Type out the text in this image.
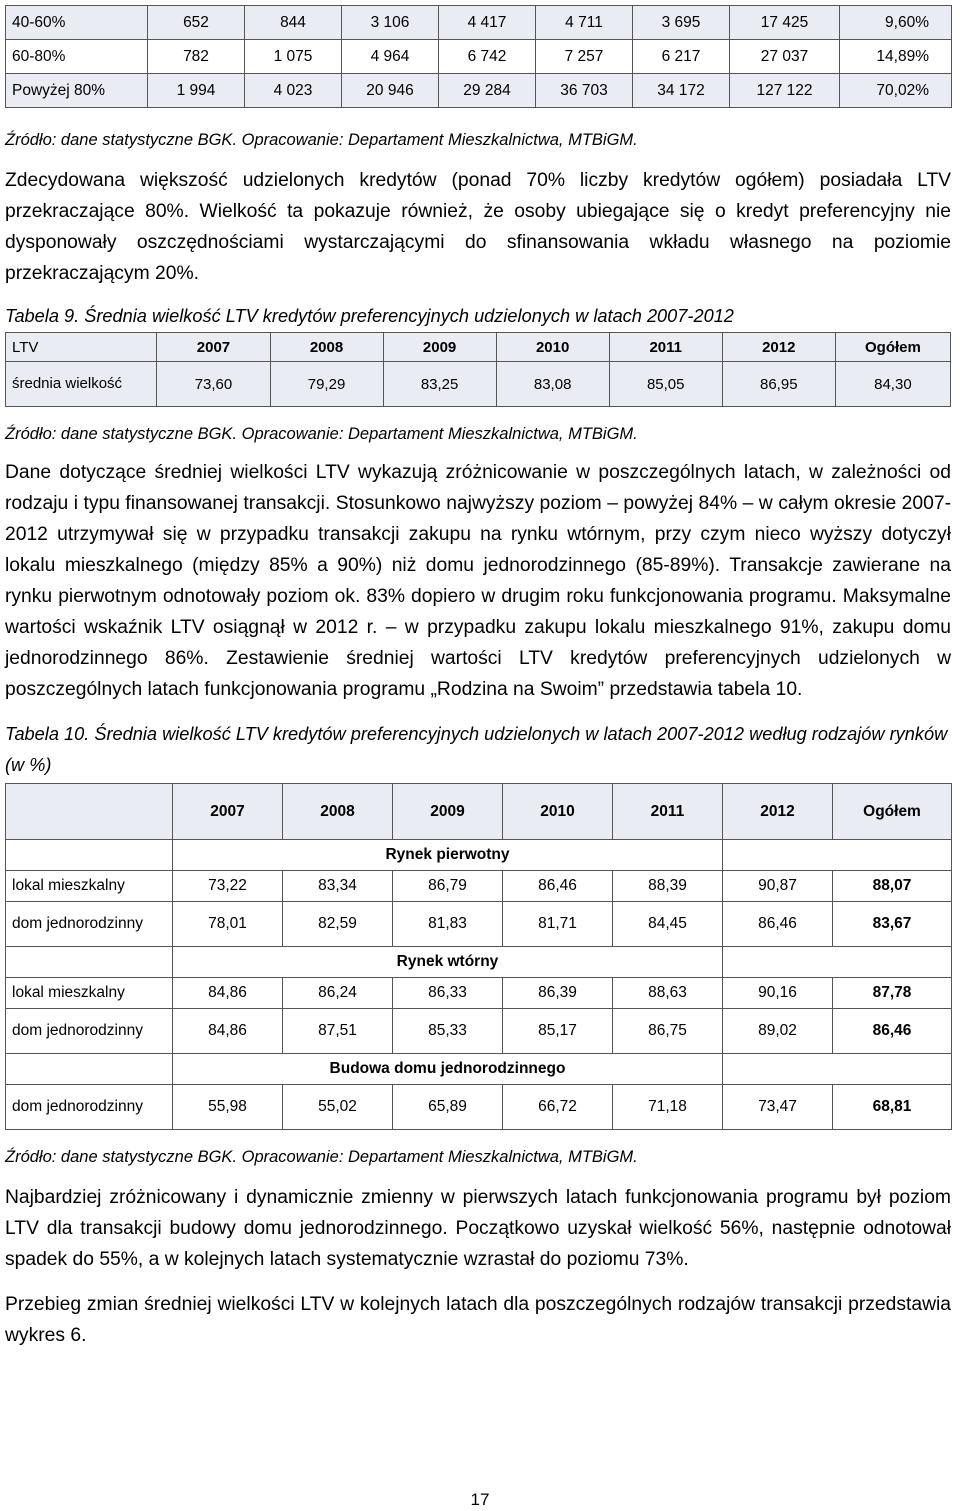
40-60%	652	844	3 106	4 417	4 711	3 695	17 425	9,60%
60-80%	782	1 075	4 964	6 742	7 257	6 217	27 037	14,89%
Powyżej 80%	1 994	4 023	20 946	29 284	36 703	34 172	127 122	70,02%

Źródło: dane statystyczne BGK. Opracowanie: Departament Mieszkalnictwa, MTBiGM.

Zdecydowana większość udzielonych kredytów (ponad 70% liczby kredytów ogółem) posiadała LTV przekraczające 80%. Wielkość ta pokazuje również, że osoby ubiegające się o kredyt preferencyjny nie dysponowały oszczędnościami wystarczającymi do sfinansowania wkładu własnego na poziomie przekraczającym 20%.

Tabela 9. Średnia wielkość LTV kredytów preferencyjnych udzielonych w latach 2007-2012

LTV	2007	2008	2009	2010	2011	2012	Ogółem
średnia wielkość	73,60	79,29	83,25	83,08	85,05	86,95	84,30

Źródło: dane statystyczne BGK. Opracowanie: Departament Mieszkalnictwa, MTBiGM.

Dane dotyczące średniej wielkości LTV wykazują zróżnicowanie w poszczególnych latach, w zależności od rodzaju i typu finansowanej transakcji. Stosunkowo najwyższy poziom – powyżej 84% – w całym okresie 2007-2012 utrzymywał się w przypadku transakcji zakupu na rynku wtórnym, przy czym nieco wyższy dotyczył lokalu mieszkalnego (między 85% a 90%) niż domu jednorodzinnego (85-89%). Transakcje zawierane na rynku pierwotnym odnotowały poziom ok. 83% dopiero w drugim roku funkcjonowania programu. Maksymalne wartości wskaźnik LTV osiągnął w 2012 r. – w przypadku zakupu lokalu mieszkalnego 91%, zakupu domu jednorodzinnego 86%. Zestawienie średniej wartości LTV kredytów preferencyjnych udzielonych w poszczególnych latach funkcjonowania programu „Rodzina na Swoim” przedstawia tabela 10.

Tabela 10. Średnia wielkość LTV kredytów preferencyjnych udzielonych w latach 2007-2012 według rodzajów rynków (w %)

	2007	2008	2009	2010	2011	2012	Ogółem
	Rynek pierwotny						
lokal mieszkalny	73,22	83,34	86,79	86,46	88,39	90,87	88,07
dom jednorodzinny	78,01	82,59	81,83	81,71	84,45	86,46	83,67
	Rynek wtórny						
lokal mieszkalny	84,86	86,24	86,33	86,39	88,63	90,16	87,78
dom jednorodzinny	84,86	87,51	85,33	85,17	86,75	89,02	86,46
	Budowa domu jednorodzinnego						
dom jednorodzinny	55,98	55,02	65,89	66,72	71,18	73,47	68,81

Źródło: dane statystyczne BGK. Opracowanie: Departament Mieszkalnictwa, MTBiGM.

Najbardziej zróżnicowany i dynamicznie zmienny w pierwszych latach funkcjonowania programu był poziom LTV dla transakcji budowy domu jednorodzinnego. Początkowo uzyskał wielkość 56%, następnie odnotował spadek do 55%, a w kolejnych latach systematycznie wzrastał do poziomu 73%.

Przebieg zmian średniej wielkości LTV w kolejnych latach dla poszczególnych rodzajów transakcji przedstawia wykres 6.

17
